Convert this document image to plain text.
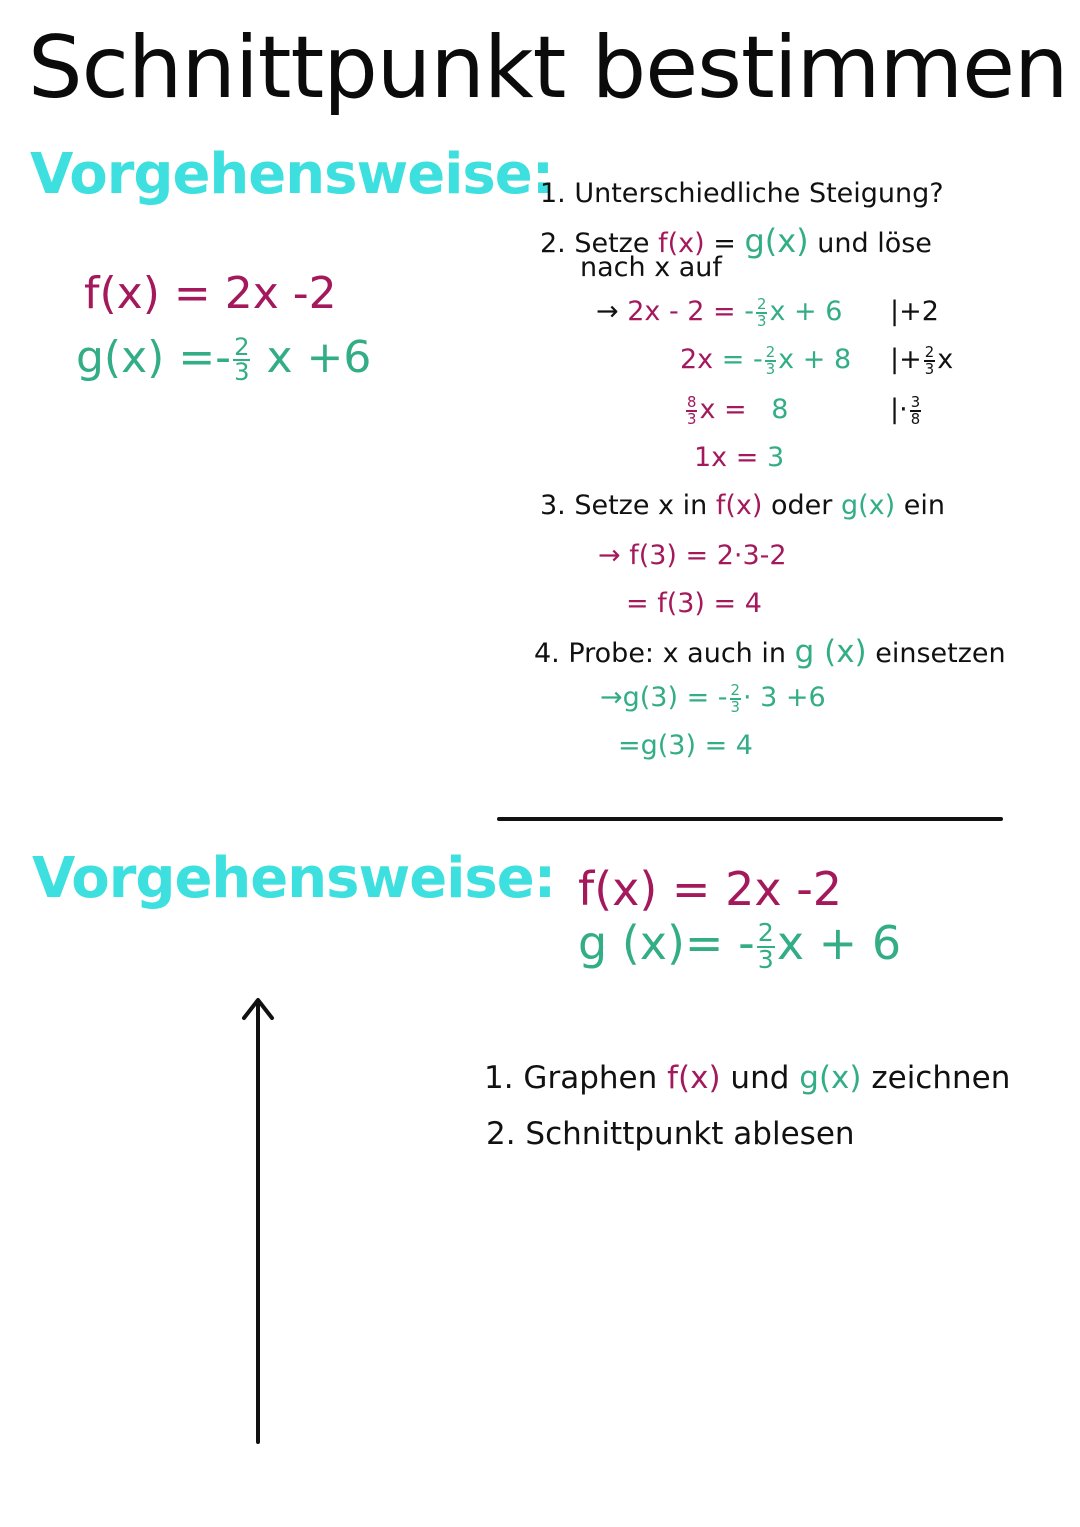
Schnittpunkt bestimmen
Vorgehensweise:
f(x) = 2x -2
$g(x) =- \frac{2}{3}$ x +6
1. Unterschiedliche Steigung?
2. Setze f(x) = g(x) und löse
nach x auf
→ 2x - 2 = - $\frac{2}{3}$ x + 6 |+2
2x = - $\frac{2}{3}$ x + 8 |+ $\frac{2}{3}$ x
$\frac{8}{3}$ x = 8	|· $\frac{3}{8}$
1x = 3
3. Setze x in f(x) oder g(x) ein
→ f(3) = 2·3-2
= f(3) = 4
4. Probe: x auch in g (x) einsetzen
→g(3) = - $\frac{2}{3} \cdot 3 +6$
=g(3) = 4
Vorgehensweise: f(x) = 2x -2
g $(x)= - \frac{2}{3}$ x + 6
1. Graphen f(x) und g(x) zeichnen
2. Schnittpunkt ablesen
